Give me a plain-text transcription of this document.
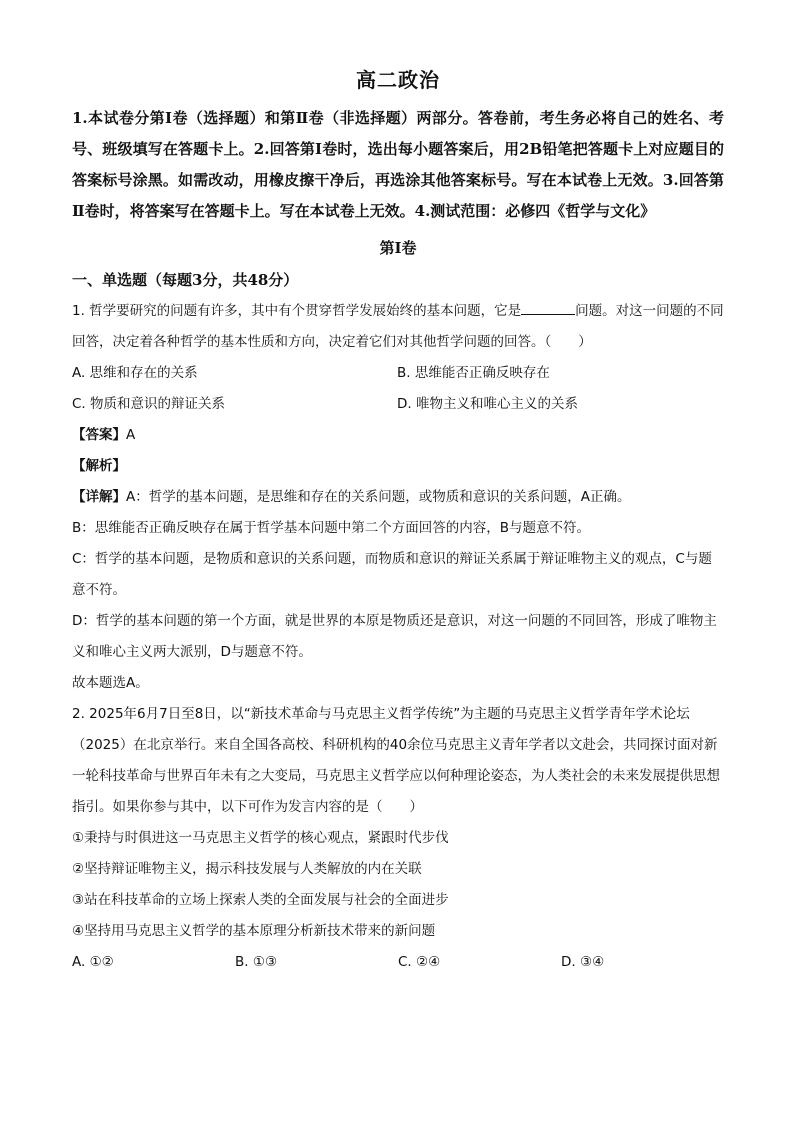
高二政治

1.本试卷分第Ⅰ卷（选择题）和第Ⅱ卷（非选择题）两部分。答卷前，考生务必将自己的姓名、考号、班级填写在答题卡上。2.回答第Ⅰ卷时，选出每小题答案后，用2B铅笔把答题卡上对应题目的答案标号涂黑。如需改动，用橡皮擦干净后，再选涂其他答案标号。写在本试卷上无效。3.回答第Ⅱ卷时，将答案写在答题卡上。写在本试卷上无效。4.测试范围：必修四《哲学与文化》

第Ⅰ卷

一、单选题（每题3分，共48分）

1. 哲学要研究的问题有许多，其中有个贯穿哲学发展始终的基本问题，它是	问题。对这一问题的不同回答，决定着各种哲学的基本性质和方向，决定着它们对其他哲学问题的回答。（　　）

A. 思维和存在的关系	B. 思维能否正确反映存在
C. 物质和意识的辩证关系	D. 唯物主义和唯心主义的关系

【答案】A

【解析】

【详解】A：哲学的基本问题，是思维和存在的关系问题，或物质和意识的关系问题，A正确。

B：思维能否正确反映存在属于哲学基本问题中第二个方面回答的内容，B与题意不符。

C：哲学的基本问题，是物质和意识的关系问题，而物质和意识的辩证关系属于辩证唯物主义的观点，C与题意不符。

D：哲学的基本问题的第一个方面，就是世界的本原是物质还是意识，对这一问题的不同回答，形成了唯物主义和唯心主义两大派别，D与题意不符。

故本题选A。

2. 2025年6月7日至8日，以“新技术革命与马克思主义哲学传统”为主题的马克思主义哲学青年学术论坛（2025）在北京举行。来自全国各高校、科研机构的40余位马克思主义青年学者以文赴会，共同探讨面对新一轮科技革命与世界百年未有之大变局，马克思主义哲学应以何种理论姿态，为人类社会的未来发展提供思想指引。如果你参与其中，以下可作为发言内容的是（　　）

①秉持与时俱进这一马克思主义哲学的核心观点，紧跟时代步伐

②坚持辩证唯物主义，揭示科技发展与人类解放的内在关联

③站在科技革命的立场上探索人类的全面发展与社会的全面进步

④坚持用马克思主义哲学的基本原理分析新技术带来的新问题

A. ①②	B. ①③	C. ②④	D. ③④
